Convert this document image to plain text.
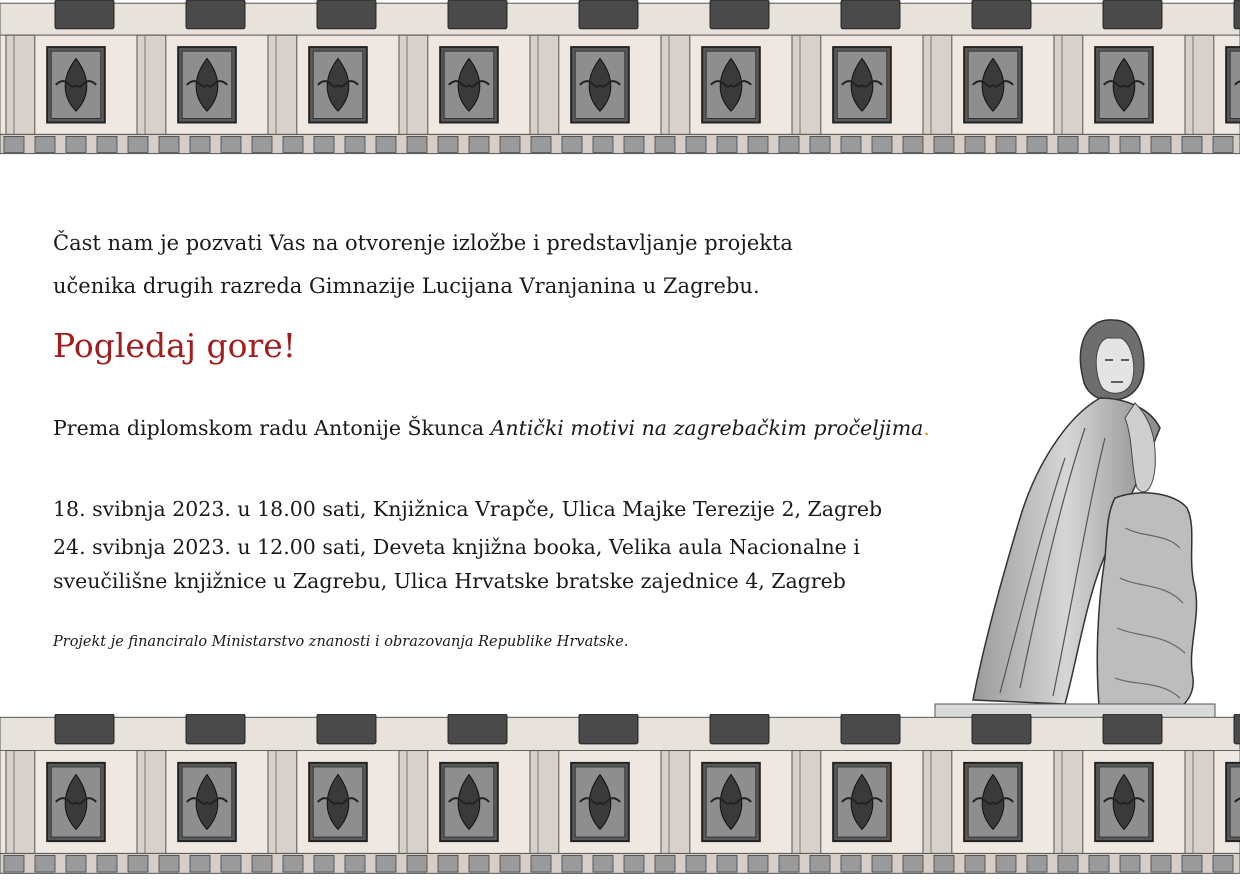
Čast nam je pozvati Vas na otvorenje izložbe i predstavljanje projekta
učenika drugih razreda Gimnazije Lucijana Vranjanina u Zagrebu.
Pogledaj gore!
Prema diplomskom radu Antonije Škunca Antički motivi na zagrebačkim pročeljima.

18. svibnja 2023. u 18.00 sati, Knjižnica Vrapče, Ulica Majke Terezije 2, Zagreb

24. svibnja 2023. u 12.00 sati, Deveta knjižna booka, Velika aula Nacionalne i sveučilišne knjižnice u Zagrebu, Ulica Hrvatske bratske zajednice 4, Zagreb

Projekt je financiralo Ministarstvo znanosti i obrazovanja Republike Hrvatske.
